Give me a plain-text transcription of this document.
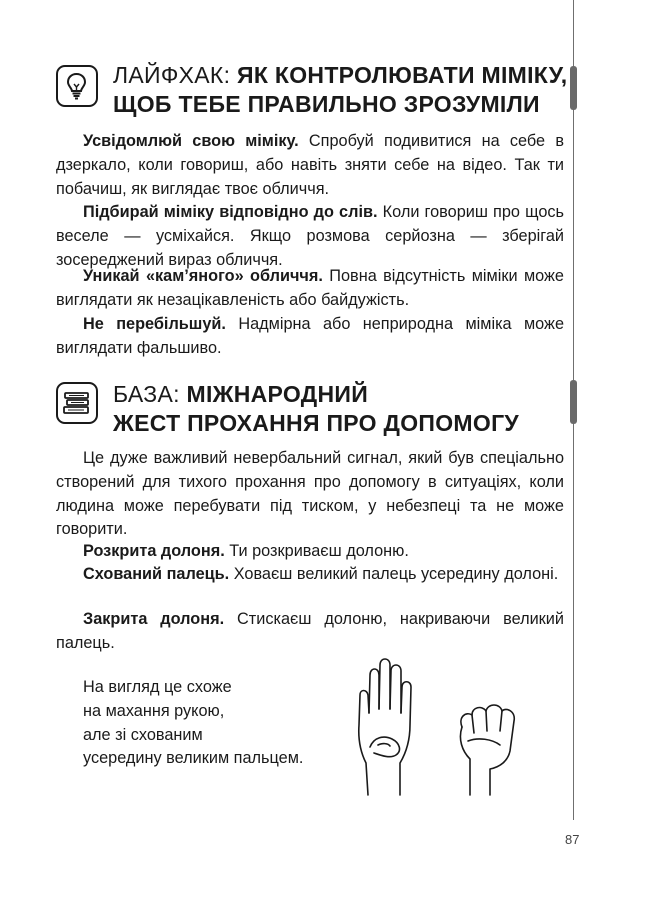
ЛАЙФХАК: ЯК КОНТРОЛЮВАТИ МІМІКУ,
ЩОБ ТЕБЕ ПРАВИЛЬНО ЗРОЗУМІЛИ

Усвідомлюй свою міміку. Спробуй подивитися на себе в дзеркало, коли говориш, або навіть зняти себе на відео. Так ти побачиш, як виглядає твоє обличчя.

Підбирай міміку відповідно до слів. Коли говориш про щось веселе — усміхайся. Якщо розмова серйозна — зберігай зосереджений вираз обличчя.

Уникай «кам’яного» обличчя. Повна відсутність міміки може виглядати як незацікавленість або байдужість.

Не перебільшуй. Надмірна або неприродна міміка може виглядати фальшиво.

БАЗА: МІЖНАРОДНИЙ
ЖЕСТ ПРОХАННЯ ПРО ДОПОМОГУ

Це дуже важливий невербальний сигнал, який був спеціально створений для тихого прохання про допомогу в ситуаціях, коли людина може перебувати під тиском, у небезпеці та не може говорити.

Розкрита долоня. Ти розкриваєш долоню.

Схований палець. Ховаєш великий палець усередину долоні.

Закрита долоня. Стискаєш долоню, накриваючи великий палець.

На вигляд це схоже
на махання рукою,
але зі схованим
усередину великим пальцем.
87
